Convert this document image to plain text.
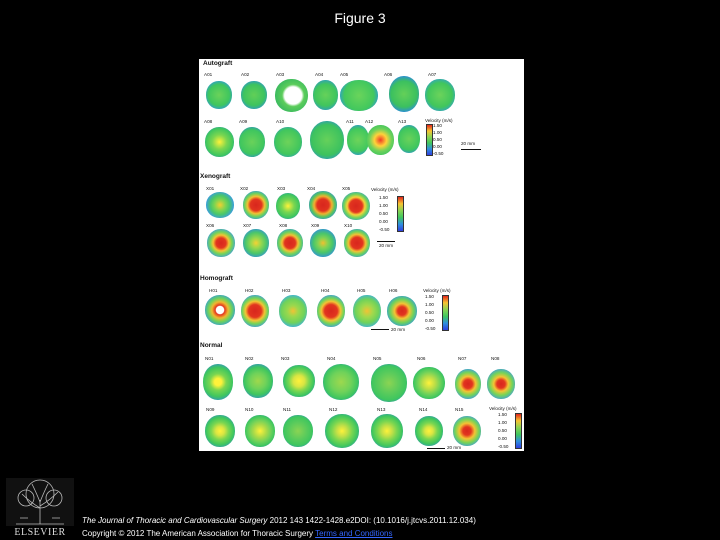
Figure 3
Autograft
A01	A02	A03	A04	A05	A06	A07
A08	A09	A10	A11 A12	A13	Velocity (m/s)
1.50
1.00
0.50
0.00
-0.50
20 mm
Xenograft
X01	X02	X03	X04	X05
X06	X07	X08	X09	X10
Velocity (m/s)
1.50
1.00
0.50
0.00
-0.50
20 mm
Homograft
H01	H02	H03	H04	H05	H06	Velocity (m/s)
1.50
1.00
0.50
0.00
-0.50
20 mm
Normal
N01	N02	N03	N04	N05	N06	N07	N08
N09	N10	N11	N12	N13	N14	N15	Velocity (m/s)
1.50
1.00
0.50
0.00
-0.50
20 mm
ELSEVIER
The Journal of Thoracic and Cardiovascular Surgery 2012 143 1422-1428.e2DOI: (10.1016/j.jtcvs.2011.12.034)
Copyright © 2012 The American Association for Thoracic Surgery Terms and Conditions
